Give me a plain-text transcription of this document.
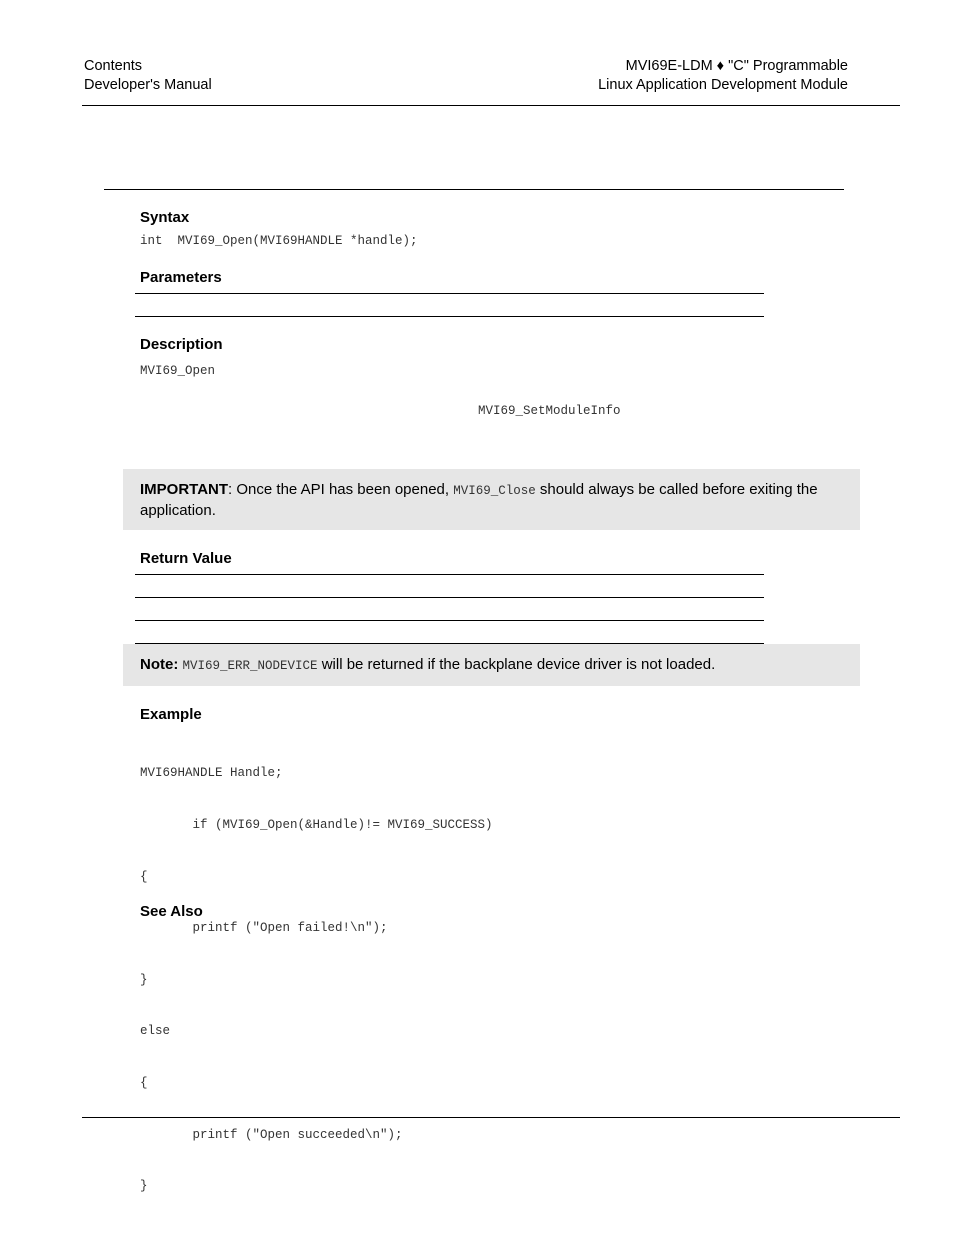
Contents
Developer's Manual
MVI69E-LDM ♦ "C" Programmable
Linux Application Development Module
Syntax
int  MVI69_Open(MVI69HANDLE *handle);
Parameters
Description
MVI69_Open
MVI69_SetModuleInfo
IMPORTANT: Once the API has been opened, MVI69_Close should always be called before exiting the application.
Return Value
Note: MVI69_ERR_NODEVICE will be returned if the backplane device driver is not loaded.
Example

MVI69HANDLE Handle;

if (MVI69_Open(&Handle)!= MVI69_SUCCESS)

{

printf ("Open failed!\n");

}

else

{

printf ("Open succeeded\n");

}

See Also
